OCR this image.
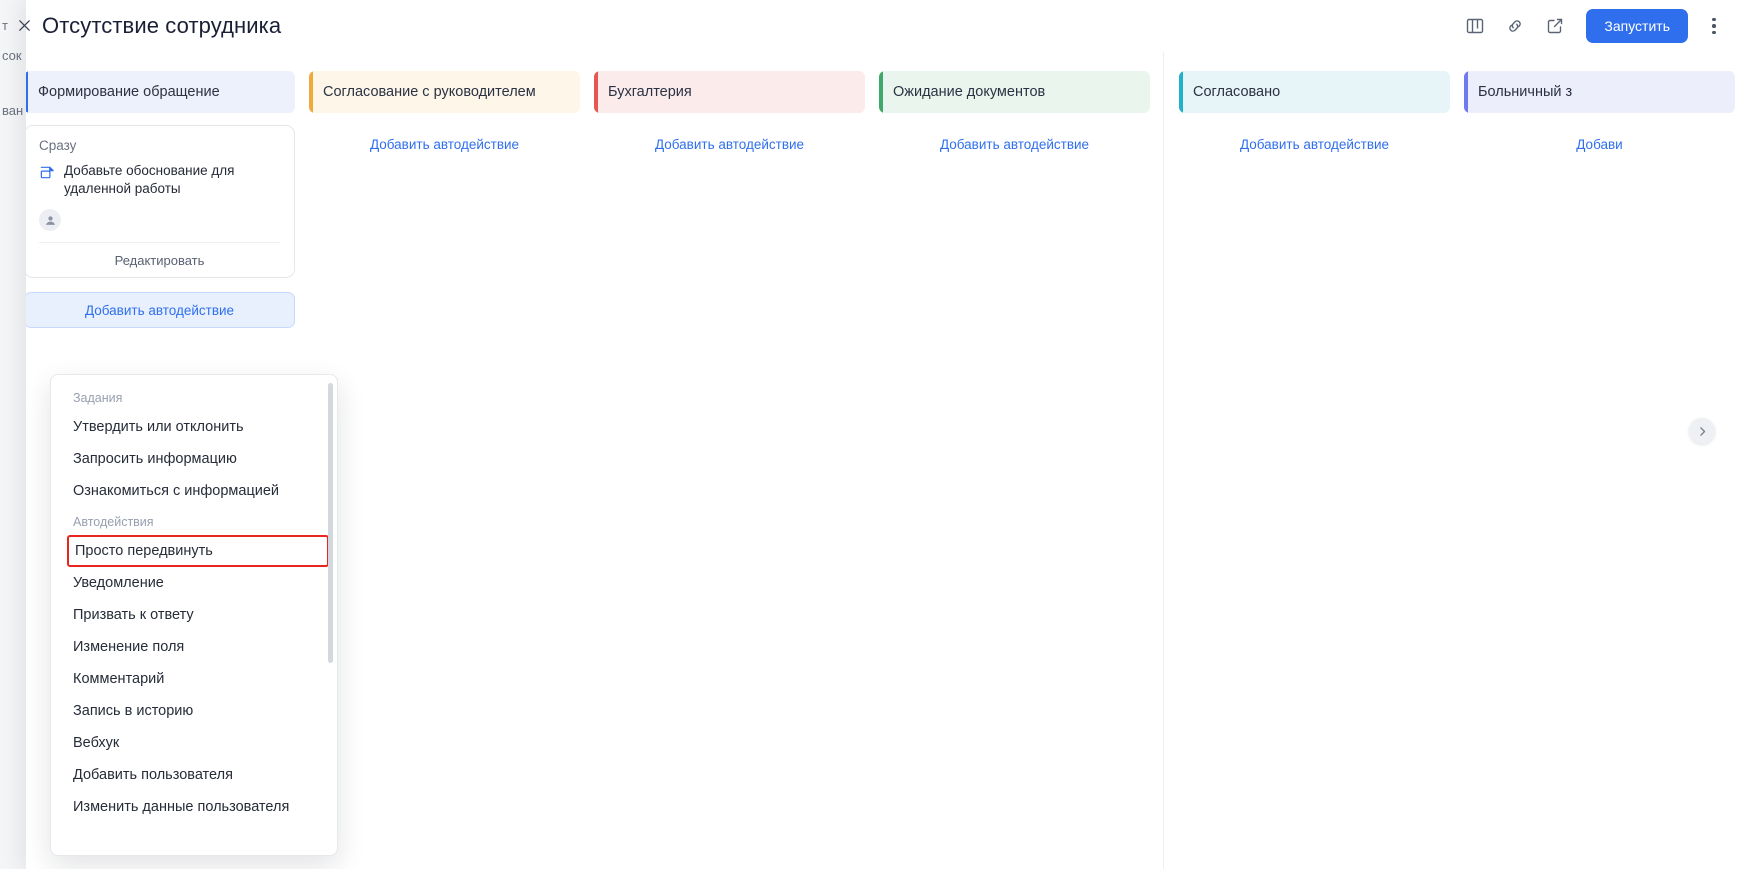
т
сок
ван
Отсутствие сотрудника	Запустить
Формирование обращение
Сразу
Добавьте обоснование для удаленной работы
Редактировать
Добавить автодействие
Согласование с руководителем
Добавить автодействие
Бухгалтерия
Добавить автодействие
Ожидание документов
Добавить автодействие
Согласовано
Добавить автодействие
Больничный з
Добави
Задания
Утвердить или отклонить
Запросить информацию
Ознакомиться с информацией
Автодействия
Просто передвинуть
Уведомление
Призвать к ответу
Изменение поля
Комментарий
Запись в историю
Вебхук
Добавить пользователя
Изменить данные пользователя
